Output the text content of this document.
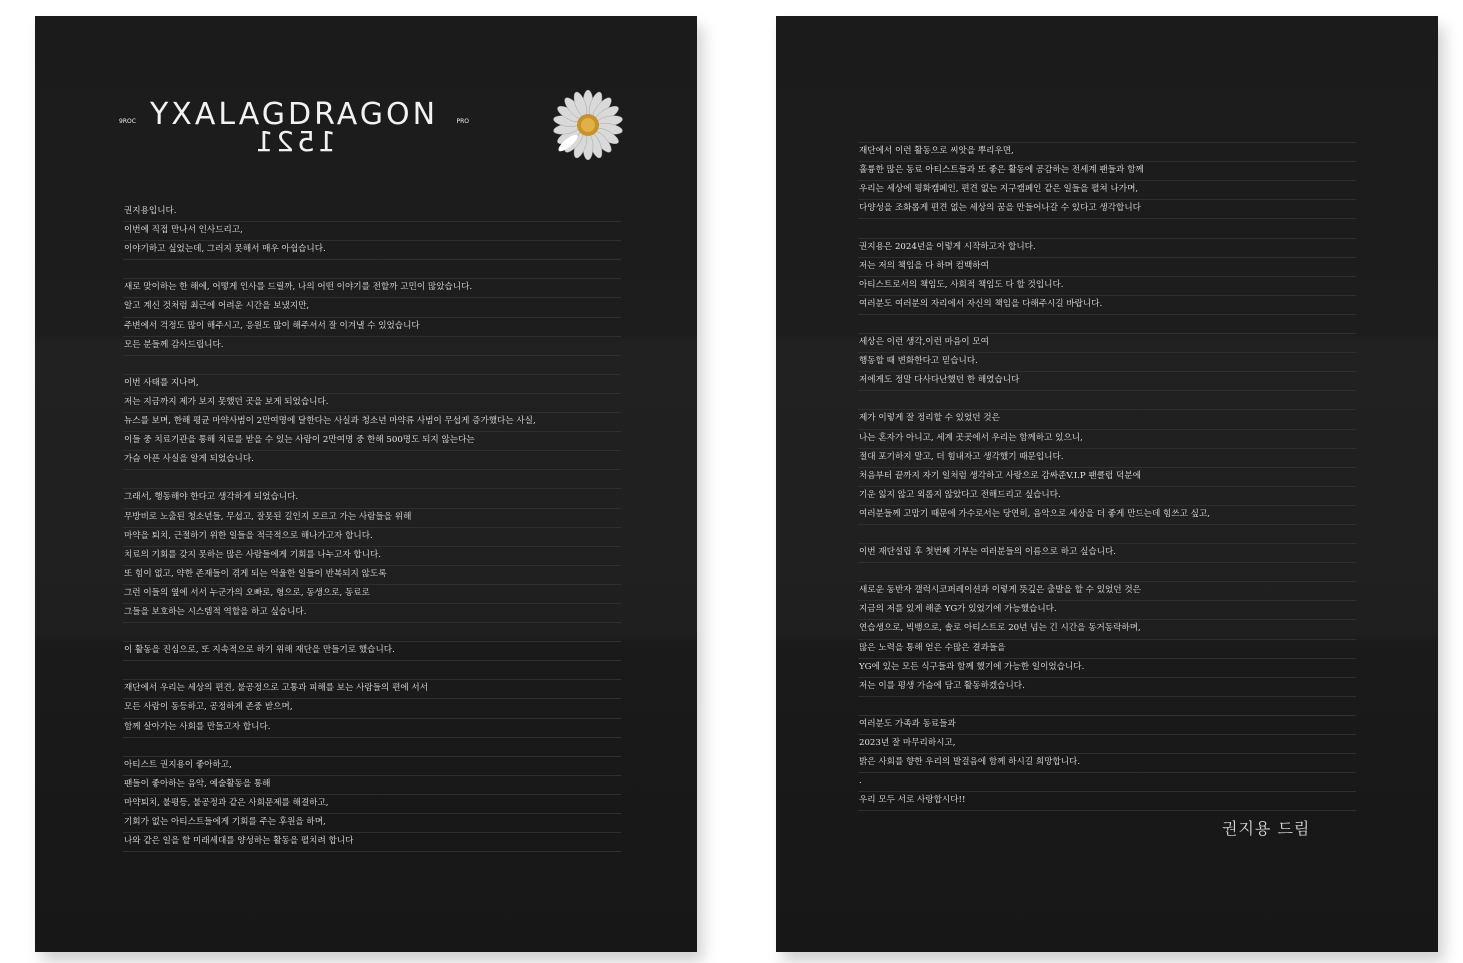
9ROC YXALAGDRAGON	PRO
1521
권지용입니다.
이번에 직접 만나서 인사드리고,
이야기하고 싶었는데, 그러지 못해서 매우 아쉽습니다.
새로 맞이하는 한 해에, 어떻게 인사를 드릴까, 나의 어떤 이야기를 전할까 고민이 많았습니다.
알고 계신 것처럼 최근에 어려운 시간을 보냈지만,
주변에서 걱정도 많이 해주시고, 응원도 많이 해주셔서 잘 이겨낼 수 있었습니다
모든 분들께 감사드립니다.
이번 사태를 지나며,
저는 지금까지 제가 보지 못했던 곳을 보게 되었습니다.
뉴스를 보며, 한해 평균 마약사범이 2만여명에 달한다는 사실과 청소년 마약류 사범이 무섭게 증가했다는 사실,
이들 중 치료기관을 통해 치료를 받을 수 있는 사람이 2만여명 중 한해 500명도 되지 않는다는
가슴 아픈 사실을 알게 되었습니다.
그래서, 행동해야 한다고 생각하게 되었습니다.
무방비로 노출된 청소년들, 무섭고, 잘못된 길인지 모르고 가는 사람들을 위해
마약을 퇴치, 근절하기 위한 일들을 적극적으로 해나가고자 합니다.
치료의 기회를 갖지 못하는 많은 사람들에게 기회를 나누고자 합니다.
또 힘이 없고, 약한 존재들이 겪게 되는 억울한 일들이 반복되지 않도록
그런 이들의 옆에 서서 누군가의 오빠로, 형으로, 동생으로, 동료로
그들을 보호하는 시스템적 역할을 하고 싶습니다.
이 활동을 진심으로, 또 지속적으로 하기 위해 재단을 만들기로 했습니다.
재단에서 우리는 세상의 편견, 불공정으로 고통과 피해를 보는 사람들의 편에 서서
모든 사람이 동등하고, 공정하게 존중 받으며,
함께 살아가는 사회를 만들고자 합니다.
아티스트 권지용이 좋아하고,
팬들이 좋아하는 음악, 예술활동을 통해
마약퇴치, 불평등, 불공정과 같은 사회문제를 해결하고,
기회가 없는 아티스트들에게 기회를 주는 후원을 하며,
나와 같은 일을 할 미래세대를 양성하는 활동을 펼치려 합니다
재단에서 이런 활동으로 씨앗을 뿌리우면,
훌륭한 많은 동료 아티스트들과 또 좋은 활동에 공감하는 전세계 팬들과 함께
우리는 세상에 평화캠페인, 편견 없는 지구캠페인 같은 일들을 펼쳐 나가며,
다양성을 조화롭게 편견 없는 세상의 꿈을 만들어나갈 수 있다고 생각합니다
권지용은 2024년을 이렇게 시작하고자 합니다.
저는 저의 책임을 다 하며 컴백하여
아티스트로서의 책임도, 사회적 책임도 다 할 것입니다.
여러분도 여러분의 자리에서 자신의 책임을 다해주시길 바랍니다.
세상은 이런 생각,이런 마음이 모여
행동할 때 변화한다고 믿습니다.
저에게도 정말 다사다난했던 한 해였습니다
제가 이렇게 잘 정리할 수 있었던 것은
나는 혼자가 아니고, 세계 곳곳에서 우리는 함께하고 있으니,
절대 포기하지 말고, 더 힘내자고 생각했기 때문입니다.
처음부터 끝까지 자기 일처럼 생각하고 사랑으로 감싸준V.I.P 팬클럽 덕분에
기운 잃지 않고 외롭지 않았다고 전해드리고 싶습니다.
여러분들께 고맙기 때문에 가수로서는 당연히, 음악으로 세상을 더 좋게 만드는데 힘쓰고 싶고,
이번 재단설립 후 첫번째 기부는 여러분들의 이름으로 하고 싶습니다.
새로운 동반자 갤럭시코퍼레이션과 이렇게 뜻깊은 출발을 할 수 있었던 것은
지금의 저를 있게 해준 YG가 있었기에 가능했습니다.
연습생으로, 빅뱅으로, 솔로 아티스트로 20년 넘는 긴 시간을 동거동락하며,
많은 노력을 통해 얻은 수많은 결과들을
YG에 있는 모든 식구들과 함께 했기에 가능한 일이었습니다.
저는 이를 평생 가슴에 담고 활동하겠습니다.
여러분도 가족과 동료들과
2023년 잘 마무리하시고,
밝은 사회를 향한 우리의 발걸음에 함께 하시길 희망합니다.
.
우리 모두 서로 사랑합시다!!
권지용 드림
